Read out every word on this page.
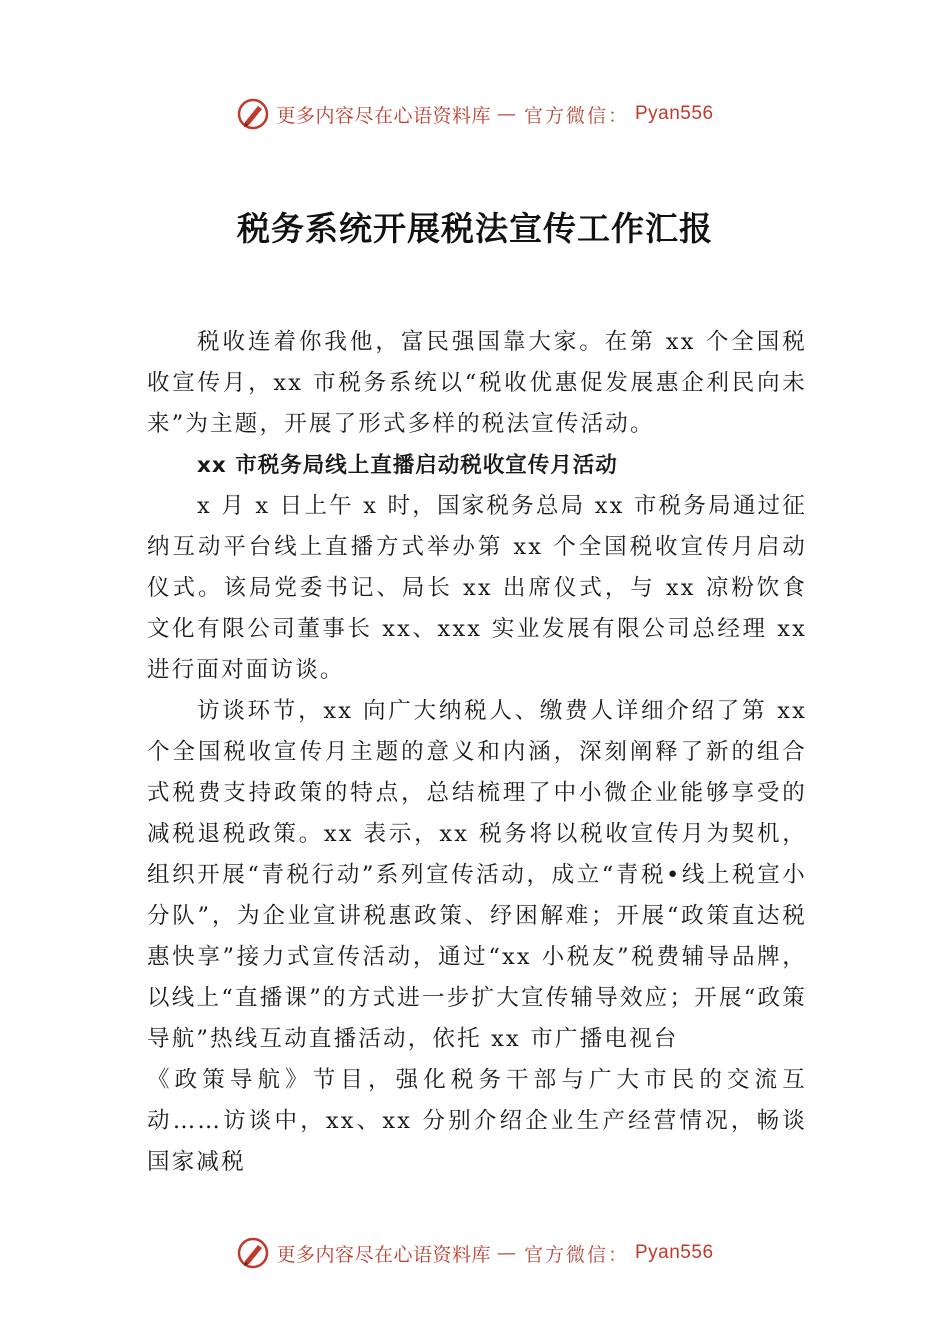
更多内容尽在心语资料库 — 官方微信： Pyan556
税务系统开展税法宣传工作汇报

税收连着你我他，富民强国靠大家。在第 xx 个全国税收宣传月，xx 市税务系统以“税收优惠促发展惠企利民向未来”为主题，开展了形式多样的税法宣传活动。

xx 市税务局线上直播启动税收宣传月活动

x 月 x 日上午 x 时，国家税务总局 xx 市税务局通过征纳互动平台线上直播方式举办第 xx 个全国税收宣传月启动仪式。该局党委书记、局长 xx 出席仪式，与 xx 凉粉饮食文化有限公司董事长 xx、xxx 实业发展有限公司总经理 xx 进行面对面访谈。

访谈环节，xx 向广大纳税人、缴费人详细介绍了第 xx 个全国税收宣传月主题的意义和内涵，深刻阐释了新的组合式税费支持政策的特点，总结梳理了中小微企业能够享受的减税退税政策。xx 表示，xx 税务将以税收宣传月为契机，组织开展“青税行动”系列宣传活动，成立“青税•线上税宣小分队”，为企业宣讲税惠政策、纾困解难；开展“政策直达税惠快享”接力式宣传活动，通过“xx 小税友”税费辅导品牌，以线上“直播课”的方式进一步扩大宣传辅导效应；开展“政策导航”热线互动直播活动，依托 xx 市广播电视台

《政策导航》节目，强化税务干部与广大市民的交流互动……访谈中，xx、xx 分别介绍企业生产经营情况，畅谈国家减税

更多内容尽在心语资料库 — 官方微信： Pyan556
